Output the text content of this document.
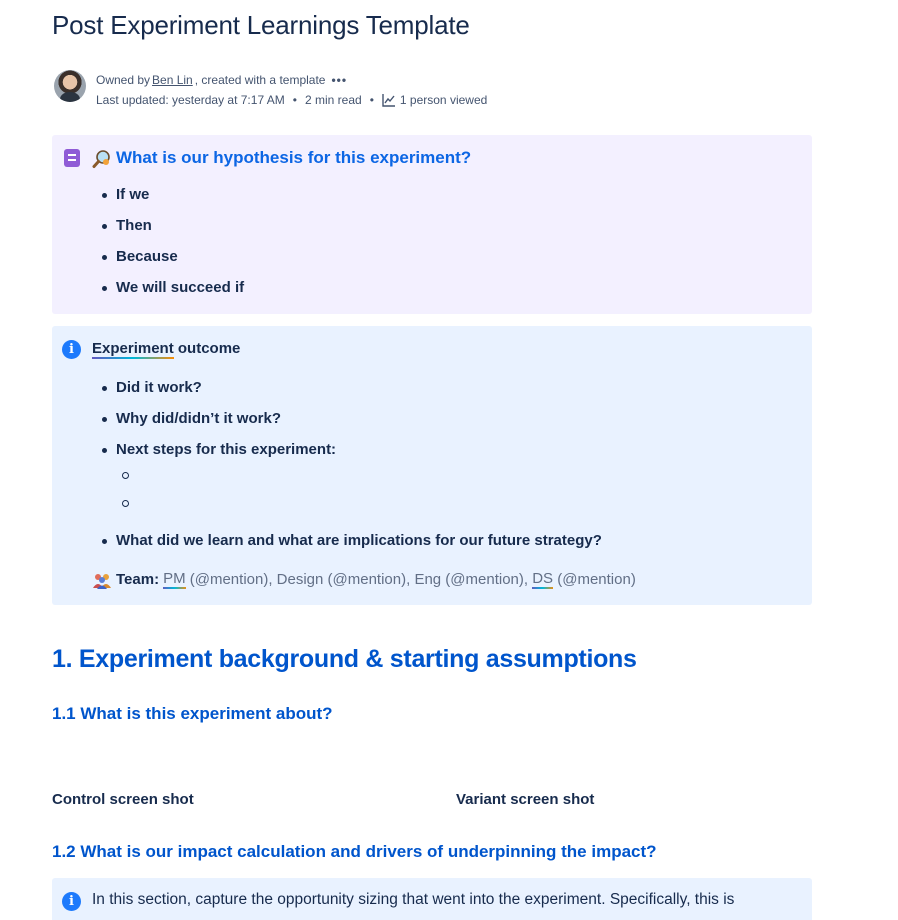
Post Experiment Learnings Template
Owned by Ben Lin , created with a template •••
Last updated: yesterday at 7:17 AM • 2 min read • 1 person viewed
What is our hypothesis for this experiment?
If we
Then
Because
We will succeed if
i	Experiment outcome
Did it work?
Why did/didn’t it work?
Next steps for this experiment:
What did we learn and what are implications for our future strategy?
Team: PM (@mention), Design (@mention), Eng (@mention), DS (@mention)
1. Experiment background & starting assumptions
1.1 What is this experiment about?
Control screen shot	Variant screen shot
1.2 What is our impact calculation and drivers of underpinning the impact?
i	In this section, capture the opportunity sizing that went into the experiment. Specifically, this is
